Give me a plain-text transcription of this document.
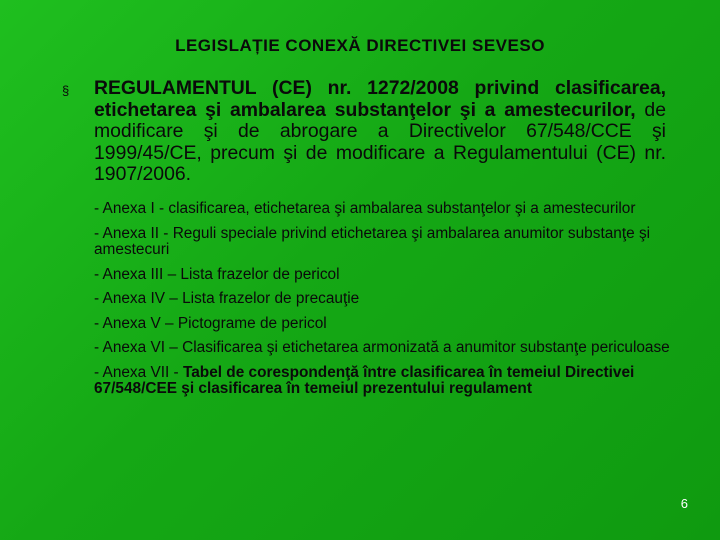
LEGISLAȚIE CONEXĂ DIRECTIVEI SEVESO
§ REGULAMENTUL (CE) nr. 1272/2008 privind clasificarea, etichetarea şi ambalarea substanţelor şi a amestecurilor, de modificare şi de abrogare a Directivelor 67/548/CCE şi 1999/45/CE, precum şi de modificare a Regulamentului (CE) nr. 1907/2006.
- Anexa I - clasificarea, etichetarea şi ambalarea substanţelor şi a amestecurilor
- Anexa II - Reguli speciale privind etichetarea şi ambalarea anumitor substanţe şi amestecuri
- Anexa III – Lista frazelor de pericol
- Anexa IV – Lista frazelor de precauţie
- Anexa V – Pictograme de pericol
- Anexa VI – Clasificarea şi etichetarea armonizată a anumitor substanţe periculoase
- Anexa VII - Tabel de corespondenţă între clasificarea în temeiul Directivei 67/548/CEE şi clasificarea în temeiul prezentului regulament
6
